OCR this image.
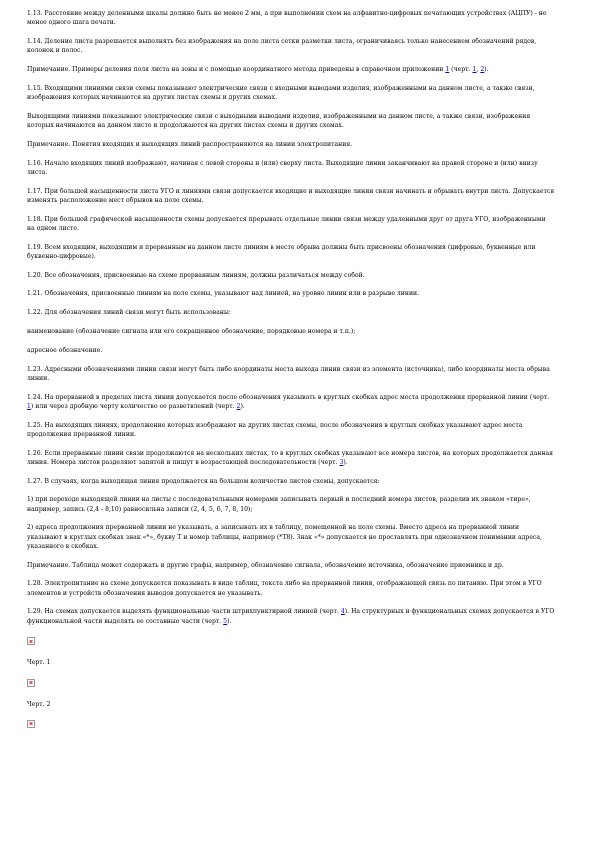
1.13. Расстояние между деленными шкалы должно быть не менее 2 мм, а при выполнении схем на алфавитно-цифровых печатающих устройствах (АЦПУ) - не менее одного шага печати.

1.14. Деление листа разрешается выполнять без изображения на поле листа сетки разметки листа, ограничиваясь только нанесением обозначений рядов, колонок и полос.

Примечание. Примеры деления поля листа на зоны и с помощью координатного метода приведены в справочном приложении 1 (черт. 1, 2).

1.15. Входящими линиями связи схемы показывают электрические связи с входными выводами изделия, изображенными на данном листе, а также связи, изображения которых начинаются на других листах схемы и других схемах.

Выходящими линиями показывают электрические связи с выходными выводами изделия, изображенными на данном листе, а также связи, изображения которых начинаются на данном листе и продолжаются на других листах схемы и других схемах.

Примечание. Понятия входящих и выходящих линий распространяются на линии электропитания.

1.16. Начало входящих линий изображают, начиная с левой стороны и (или) сверху листа. Выходящие линии заканчивают на правой стороне и (или) внизу листа.

1.17. При большой насыщенности листа УГО и линиями связи допускается входящие и выходящие линии связи начинать и обрывать внутри листа. Допускается изменять расположение мест обрывов на поле схемы.

1.18. При большой графической насыщенности схемы допускается прерывать отдельные линии связи между удаленными друг от друга УГО, изображенными на одном листе.

1.19. Всем входящим, выходящим и прерванным на данном листе линиям в месте обрыва должны быть присвоены обозначения (цифровые, буквенные или буквенно-цифровые).

1.20. Все обозначения, присвоенные на схеме прерванным линиям, должны различаться между собой.

1.21. Обозначения, присвоенные линиям на поле схемы, указывают над линией, на уровне линии или в разрыве линии.

1.22. Для обозначения линий связи могут быть использованы:

наименование (обозначение сигнала или его сокращенное обозначение, порядковые номера и т.п.);

адресное обозначение.

1.23. Адресными обозначениями линии связи могут быть либо координаты места выхода линии связи из элемента (источника), либо координаты места обрыва линии.

1.24. На прерванной в пределах листа линии допускается после обозначения указывать в круглых скобках адрес места продолжения прерванной линии (черт. 1) или через дробную черту количество ее разветвлений (черт. 2).

1.25. На выходящих линиях, продолжение которых изображают на других листах схемы, после обозначения в круглых скобках указывают адрес места продолжения прерванной линии.

1.26. Если прерванные линии связи продолжаются на нескольких листах, то в круглых скобках указывают все номера листов, на которых продолжается данная линия. Номера листов разделяют запятой и пишут в возрастающей последовательности (черт. 3).

1.27. В случаях, когда выходящая линия продолжается на большом количестве листов схемы, допускается:

1) при переходе выходящей линии на листы с последовательными номерами записывать первый и последний номера листов, разделив их знаком «тире», например, запись (2,4 - 8,10) равносильна записи (2, 4, 5, 6, 7, 8, 10);

2) адреса продолжения прерванной линии не указывать, а записывать их в таблицу, помещенной на поле схемы. Вместо адреса на прерванной линии указывают в круглых скобках знак «*», букву Т и номер таблицы, например (*Т8). Знак «*» допускается не проставлять при однозначном понимании адреса, указанного в скобках.

Примечание. Таблица может содержать и другие графы, например, обозначение сигнала, обозначение источника, обозначение приемника и др.

1.28. Электропитание на схеме допускается показывать в виде таблиц, текста либо на прерванной линии, отображающей связь по питанию. При этом в УГО элементов и устройств обозначения выводов допускается не указывать.

1.29. На схемах допускается выделять функциональные части штрихпунктирной линией (черт. 4). На структурных и функциональных схемах допускается в УГО функциональной части выделять ее составные части (черт. 5).

Черт. 1

Черт. 2
